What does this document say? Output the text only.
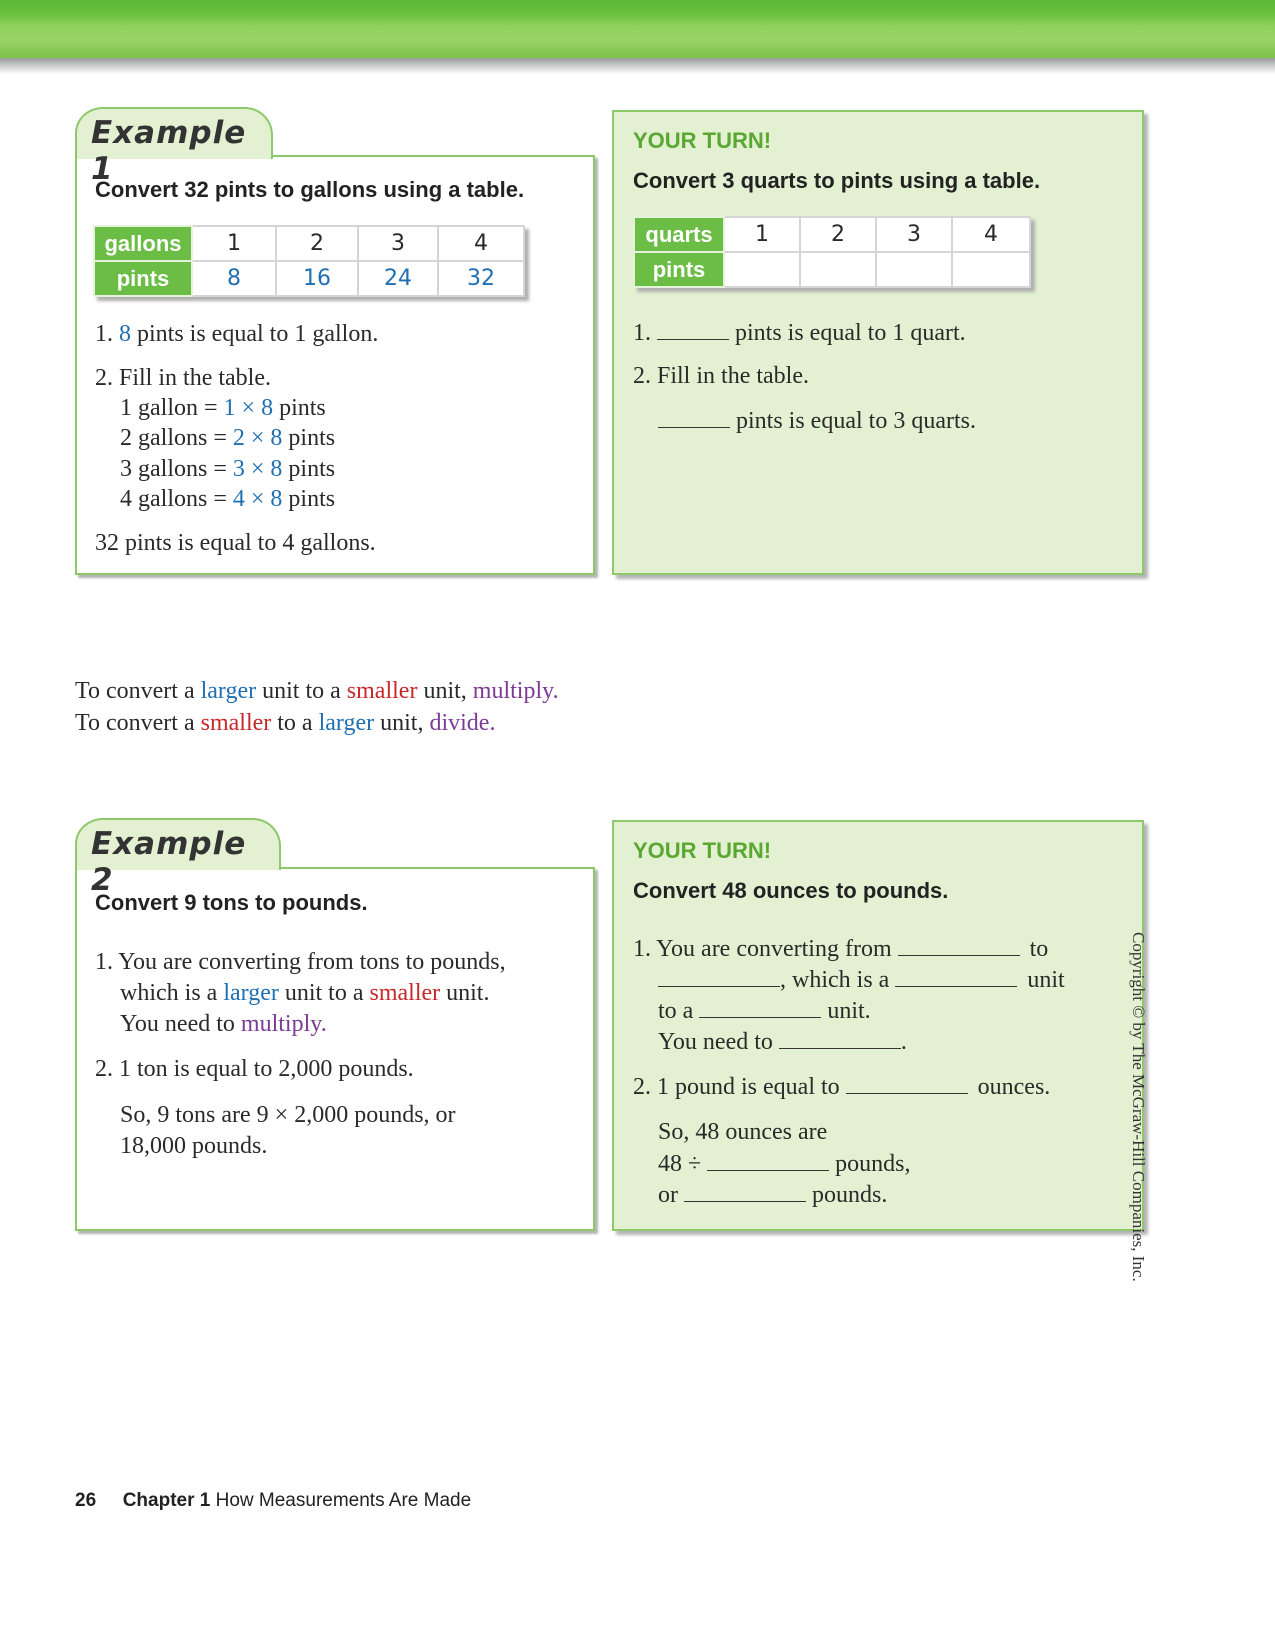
Example 1
Convert 32 pints to gallons using a table.
gallons	1	2	3	4
pints	8	16	24	32
1. 8 pints is equal to 1 gallon.
2. Fill in the table.
1 gallon = 1 × 8 pints
2 gallons = 2 × 8 pints
3 gallons = 3 × 8 pints
4 gallons = 4 × 8 pints
32 pints is equal to 4 gallons.
YOUR TURN!
Convert 3 quarts to pints using a table.
quarts	1	2	3	4
pints				
1.	pints is equal to 1 quart.
2. Fill in the table.
pints is equal to 3 quarts.
To convert a larger unit to a smaller unit, multiply.
To convert a smaller to a larger unit, divide.
Example 2
Convert 9 tons to pounds.
1. You are converting from tons to pounds,
which is a larger unit to a smaller unit.
You need to multiply.
2. 1 ton is equal to 2,000 pounds.
So, 9 tons are 9 × 2,000 pounds, or
18,000 pounds.
YOUR TURN!
Convert 48 ounces to pounds.
1. You are converting from	to
, which is a	unit
to a	unit.
You need to	.
2. 1 pound is equal to	ounces.
So, 48 ounces are
48 ÷	pounds,
or	pounds.	Copyright © by The McGraw-Hill Companies, Inc.
26 Chapter 1 How Measurements Are Made
